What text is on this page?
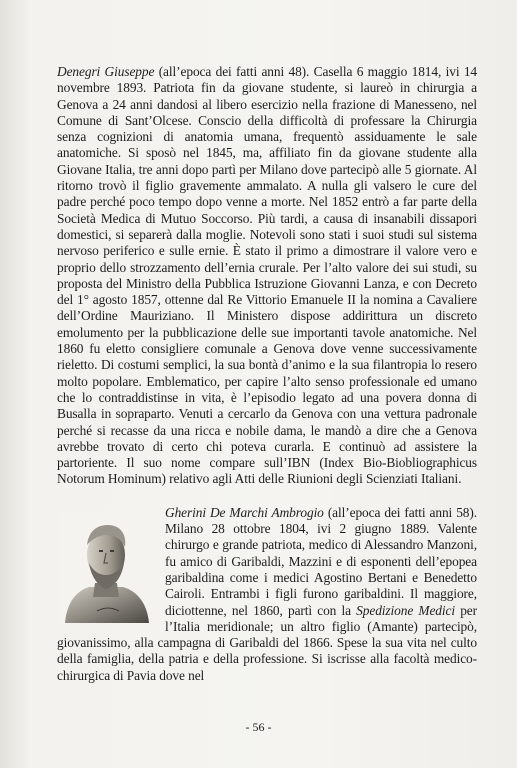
Denegri Giuseppe (all’epoca dei fatti anni 48). Casella 6 maggio 1814, ivi 14 novembre 1893. Patriota fin da giovane studente, si laureò in chirurgia a Genova a 24 anni dandosi al libero esercizio nella frazione di Manesseno, nel Comune di Sant’Olcese. Conscio della difficoltà di professare la Chirurgia senza cognizioni di anatomia umana, frequentò assiduamente le sale anatomiche. Si sposò nel 1845, ma, affiliato fin da giovane studente alla Giovane Italia, tre anni dopo partì per Milano dove partecipò alle 5 giornate. Al ritorno trovò il figlio gravemente ammalato. A nulla gli valsero le cure del padre perché poco tempo dopo venne a morte. Nel 1852 entrò a far parte della Società Medica di Mutuo Soccorso. Più tardi, a causa di insanabili dissapori domestici, si separerà dalla moglie. Notevoli sono stati i suoi studi sul sistema nervoso periferico e sulle ernie. È stato il primo a dimostrare il valore vero e proprio dello strozzamento dell’ernia crurale. Per l’alto valore dei sui studi, su proposta del Ministro della Pubblica Istruzione Giovanni Lanza, e con Decreto del 1° agosto 1857, ottenne dal Re Vittorio Emanuele II la nomina a Cavaliere dell’Ordine Mauriziano. Il Ministero dispose addirittura un discreto emolumento per la pubblicazione delle sue importanti tavole anatomiche. Nel 1860 fu eletto consigliere comunale a Genova dove venne successivamente rieletto. Di costumi semplici, la sua bontà d’animo e la sua filantropia lo resero molto popolare. Emblematico, per capire l’alto senso professionale ed umano che lo contraddistinse in vita, è l’episodio legato ad una povera donna di Busalla in sopraparto. Venuti a cercarlo da Genova con una vettura padronale perché si recasse da una ricca e nobile dama, le mandò a dire che a Genova avrebbe trovato di certo chi poteva curarla. E continuò ad assistere la partoriente. Il suo nome compare sull’IBN (Index Bio-Biobliographicus Notorum Hominum) relativo agli Atti delle Riunioni degli Scienziati Italiani.

Gherini De Marchi Ambrogio (all’epoca dei fatti anni 58). Milano 28 ottobre 1804, ivi 2 giugno 1889. Valente chirurgo e grande patriota, medico di Alessandro Manzoni, fu amico di Garibaldi, Mazzini e di esponenti dell’epopea garibaldina come i medici Agostino Bertani e Benedetto Cairoli. Entrambi i figli furono garibaldini. Il maggiore, diciottenne, nel 1860, partì con la Spedizione Medici per l’Italia meridionale; un altro figlio (Amante) partecipò, giovanissimo, alla campagna di Garibaldi del 1866. Spese la sua vita nel culto della famiglia, della patria e della professione. Si iscrisse alla facoltà medico-chirurgica di Pavia dove nel

- 56 -
